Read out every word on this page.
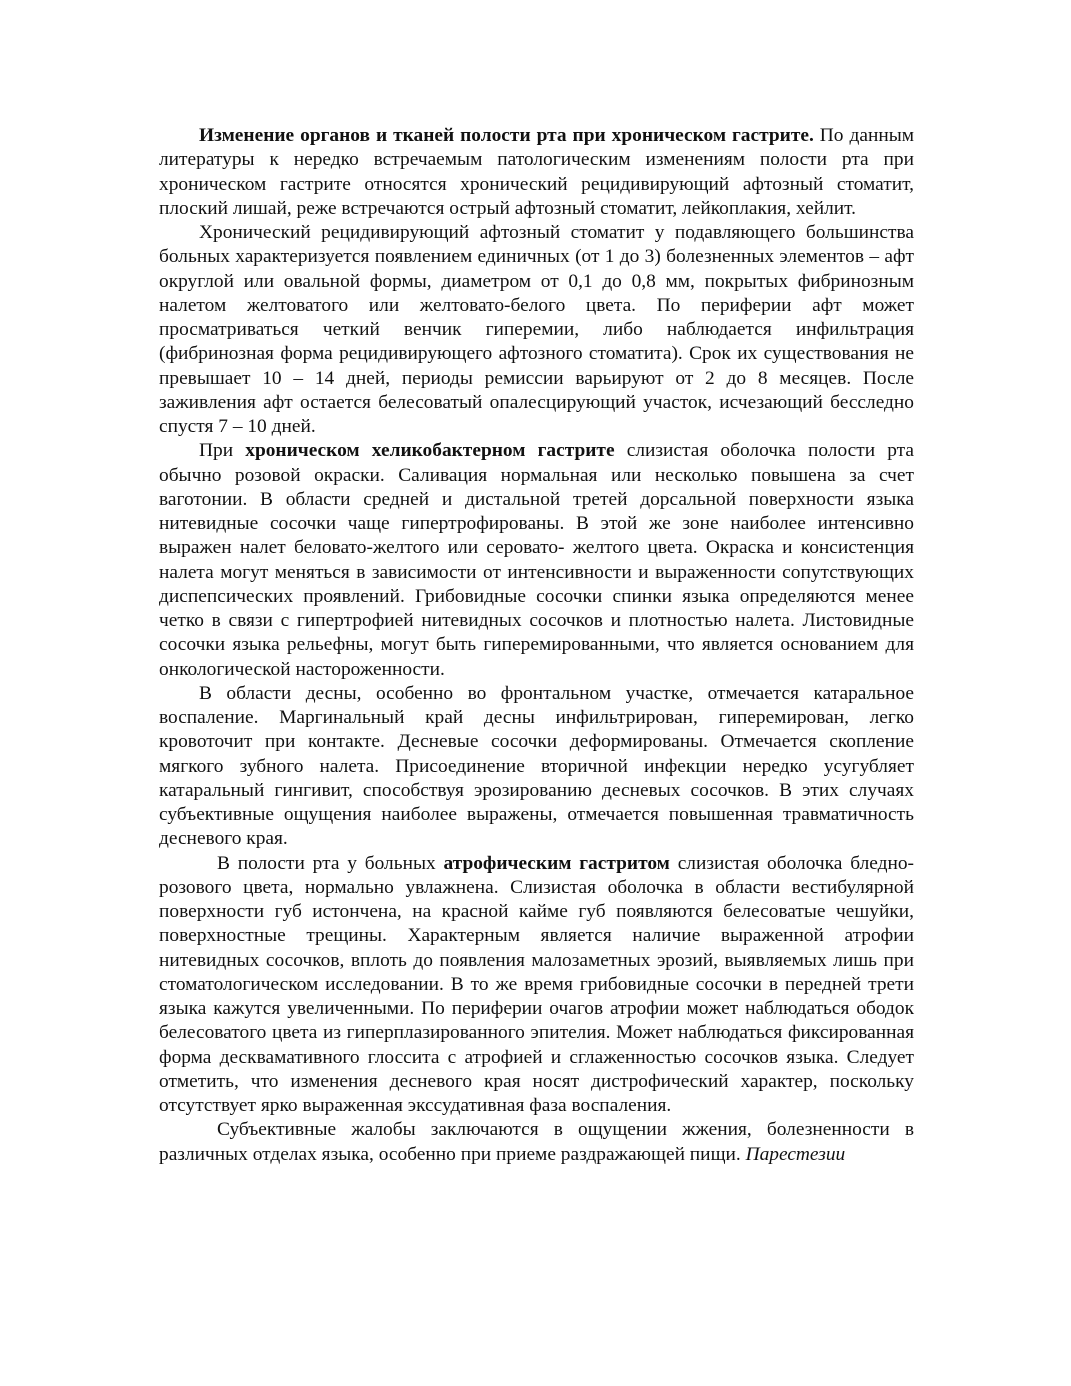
Изменение органов и тканей полости рта при хроническом гастрите. По данным литературы к нередко встречаемым патологическим изменениям полости рта при хроническом гастрите относятся хронический рецидивирующий афтозный стоматит, плоский лишай, реже встречаются острый афтозный стоматит, лейкоплакия, хейлит.

Хронический рецидивирующий афтозный стоматит у подавляющего большинства больных характеризуется появлением единичных (от 1 до 3) болезненных элементов – афт округлой или овальной формы, диаметром от 0,1 до 0,8 мм, покрытых фибринозным налетом желтоватого или желтовато-белого цвета. По периферии афт может просматриваться четкий венчик гиперемии, либо наблюдается инфильтрация (фибринозная форма рецидивирующего афтозного стоматита). Срок их существования не превышает 10 – 14 дней, периоды ремиссии варьируют от 2 до 8 месяцев. После заживления афт остается белесоватый опалесцирующий участок, исчезающий бесследно спустя 7 – 10 дней.

При хроническом хеликобактерном гастрите слизистая оболочка полости рта обычно розовой окраски. Саливация нормальная или несколько повышена за счет ваготонии. В области средней и дистальной третей дорсальной поверхности языка нитевидные сосочки чаще гипертрофированы. В этой же зоне наиболее интенсивно выражен налет беловато-желтого или серовато- желтого цвета. Окраска и консистенция налета могут меняться в зависимости от интенсивности и выраженности сопутствующих диспепсических проявлений. Грибовидные сосочки спинки языка определяются менее четко в связи с гипертрофией нитевидных сосочков и плотностью налета. Листовидные сосочки языка рельефны, могут быть гиперемированными, что является основанием для онкологической настороженности.

В области десны, особенно во фронтальном участке, отмечается катаральное воспаление. Маргинальный край десны инфильтрирован, гиперемирован, легко кровоточит при контакте. Десневые сосочки деформированы. Отмечается скопление мягкого зубного налета. Присоединение вторичной инфекции нередко усугубляет катаральный гингивит, способствуя эрозированию десневых сосочков. В этих случаях субъективные ощущения наиболее выражены, отмечается повышенная травматичность десневого края.

В полости рта у больных атрофическим гастритом слизистая оболочка бледно-розового цвета, нормально увлажнена. Слизистая оболочка в области вестибулярной поверхности губ истончена, на красной кайме губ появляются белесоватые чешуйки, поверхностные трещины. Характерным является наличие выраженной атрофии нитевидных сосочков, вплоть до появления малозаметных эрозий, выявляемых лишь при стоматологическом исследовании. В то же время грибовидные сосочки в передней трети языка кажутся увеличенными. По периферии очагов атрофии может наблюдаться ободок белесоватого цвета из гиперплазированного эпителия. Может наблюдаться фиксированная форма десквамативного глоссита с атрофией и сглаженностью сосочков языка. Следует отметить, что изменения десневого края носят дистрофический характер, поскольку отсутствует ярко выраженная экссудативная фаза воспаления.

Субъективные жалобы заключаются в ощущении жжения, болезненности в различных отделах языка, особенно при приеме раздражающей пищи. Парестезии
